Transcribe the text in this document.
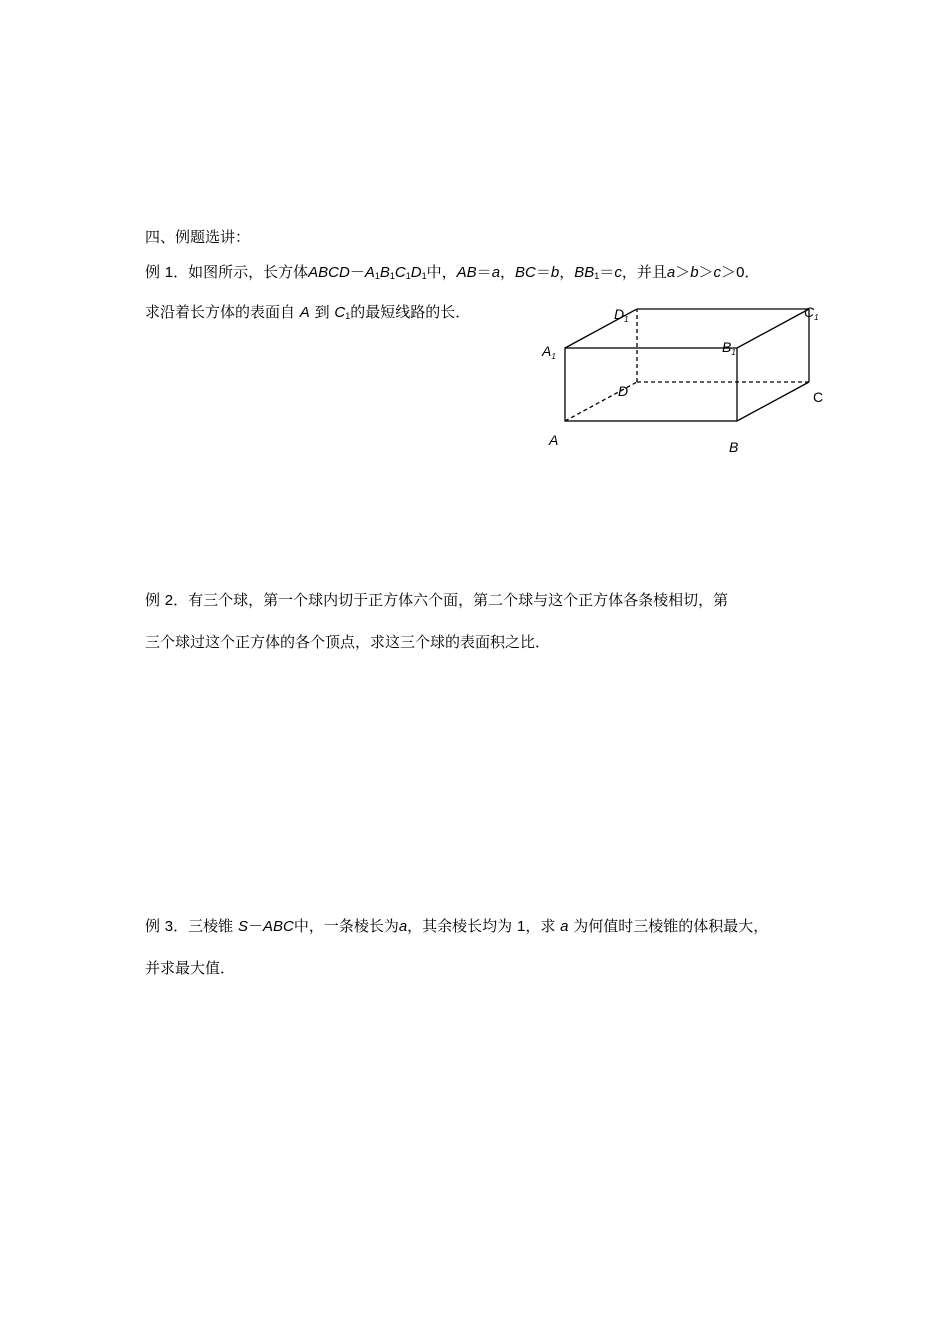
四、例题选讲：
例 1．如图所示，长方体$ABCD-A_1B_1C_1D_1$中，AB＝a，BC＝b，$BB_1=c$，并且a＞b＞c＞0．
求沿着长方体的表面自 A 到 $C_1$的最短线路的长．	$D_1$	$C_1$
$A_1$
$B_1$
D	C
A	B
例 2．有三个球，第一个球内切于正方体六个面，第二个球与这个正方体各条棱相切，第
三个球过这个正方体的各个顶点，求这三个球的表面积之比．
例 3．三棱锥 S－ABC中，一条棱长为a，其余棱长均为 1，求 a 为何值时三棱锥的体积最大，
并求最大值．
